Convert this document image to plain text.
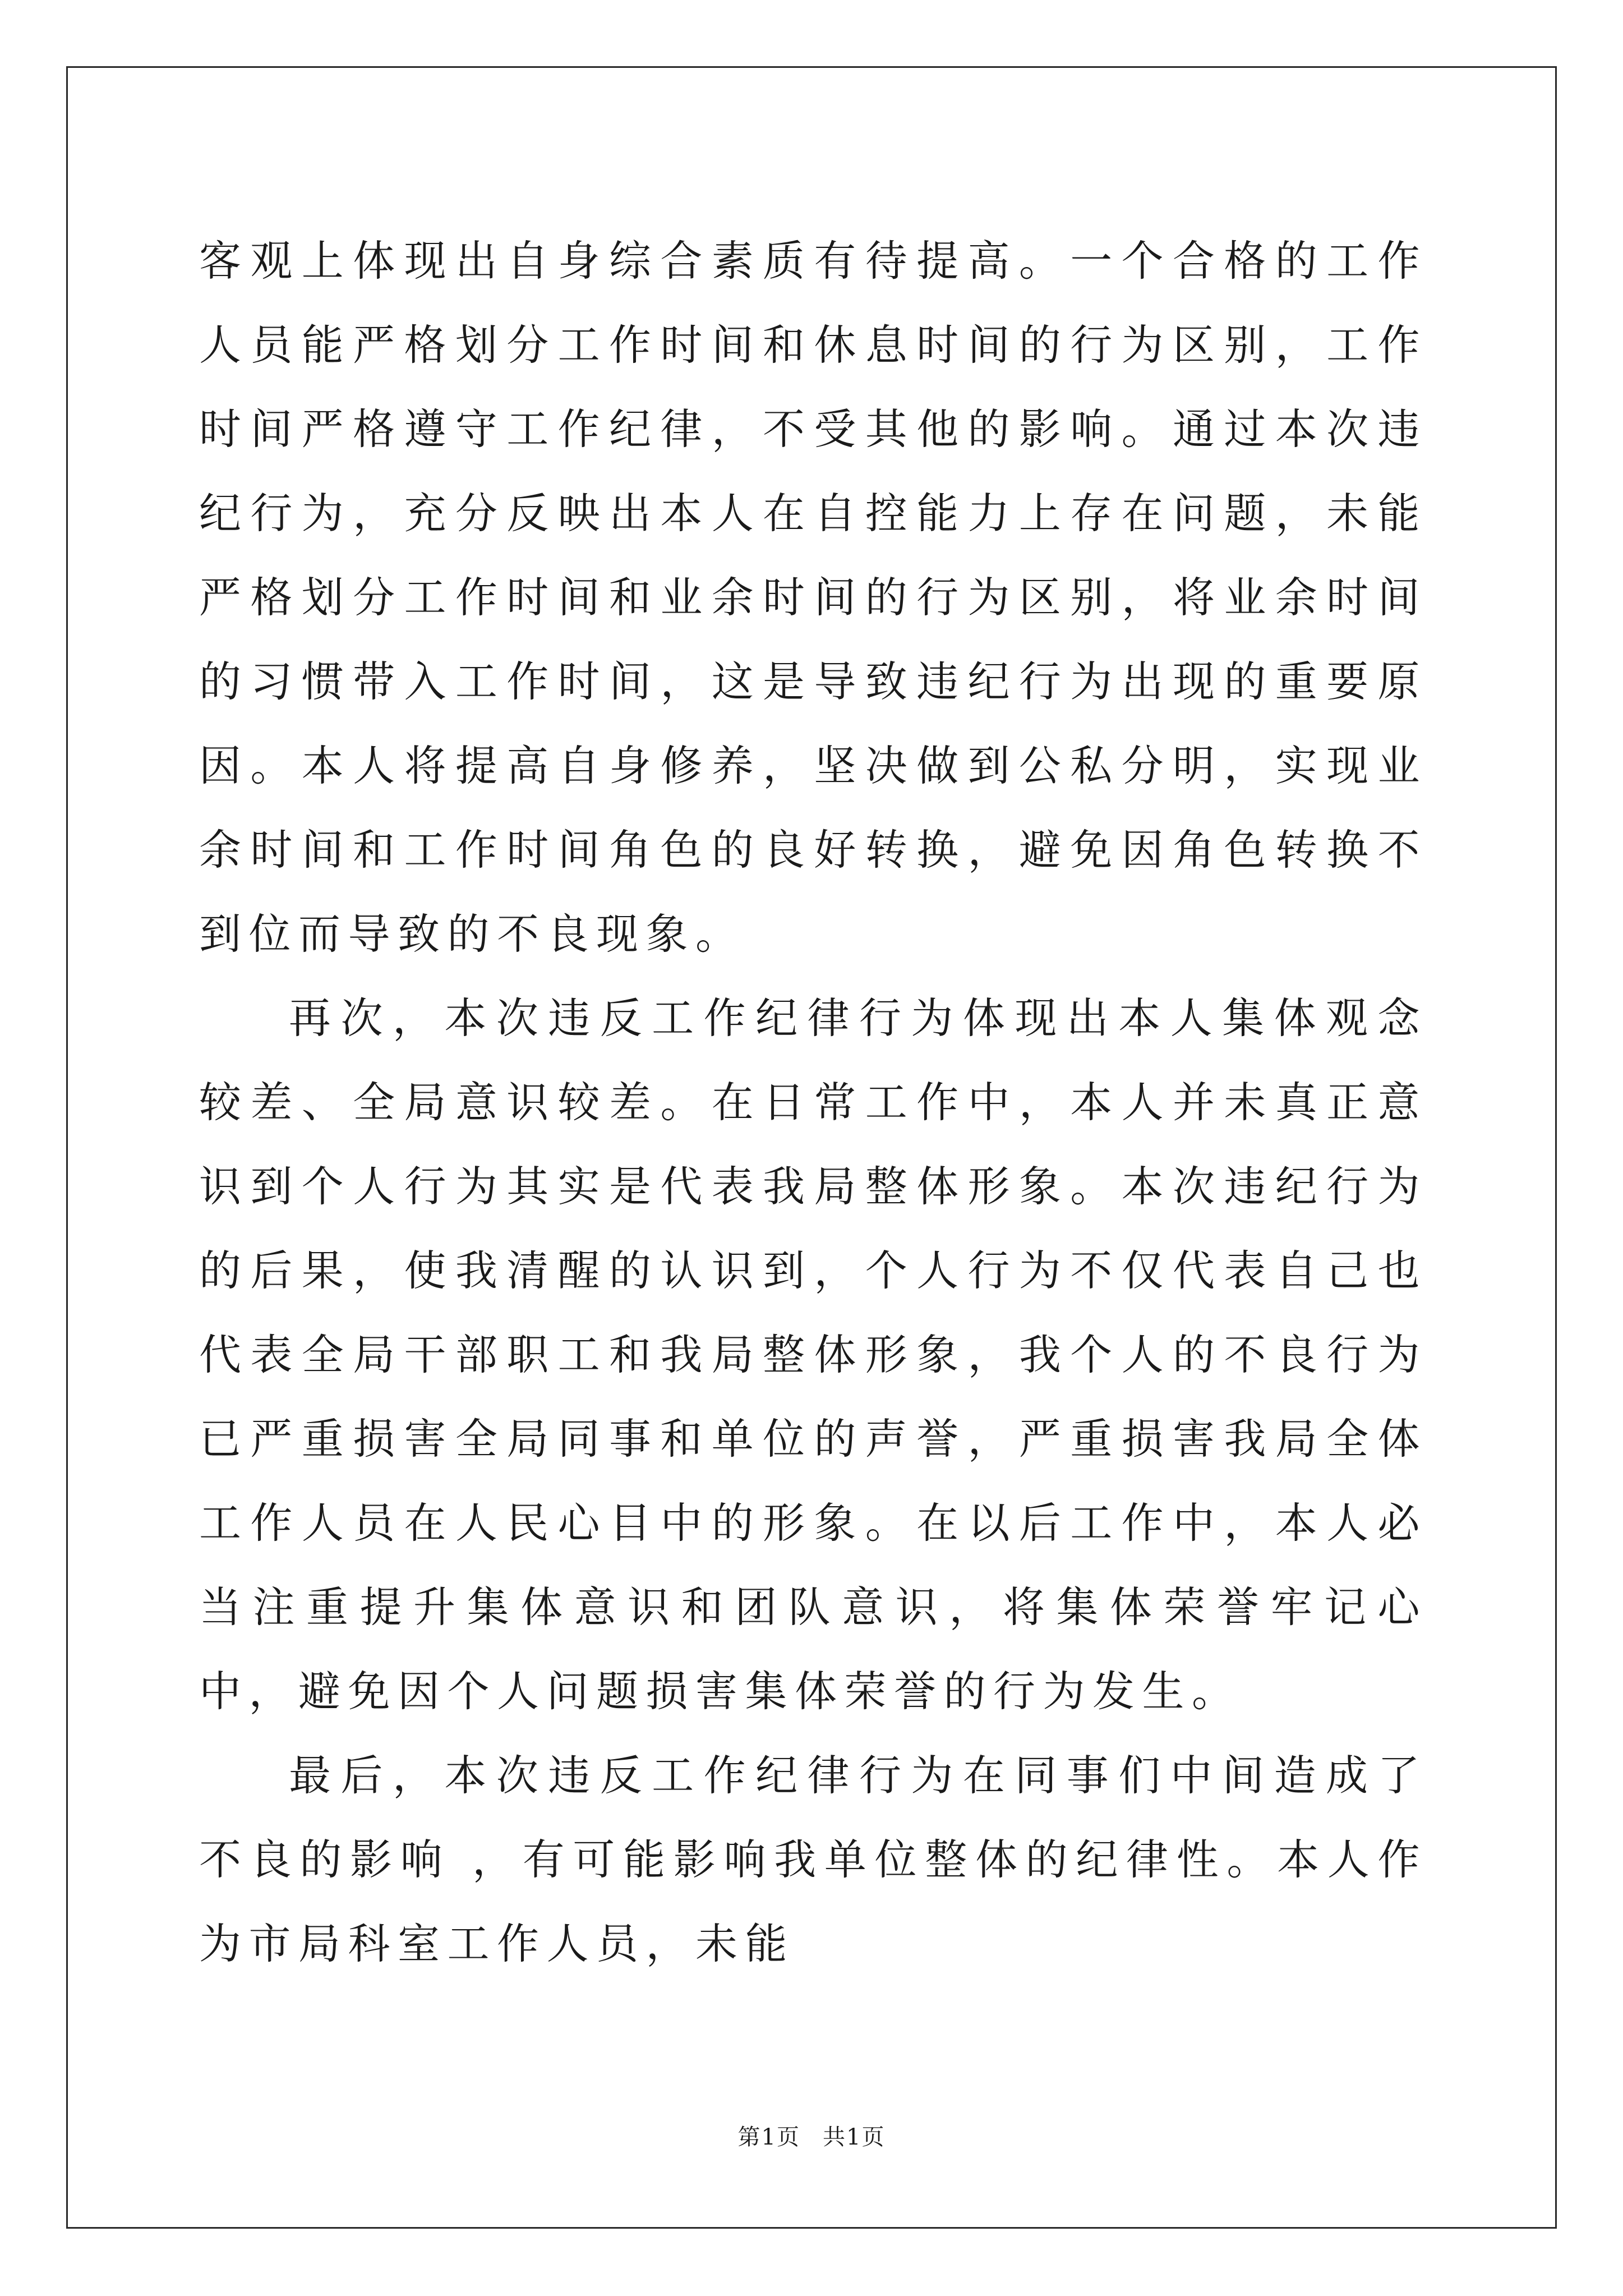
客观上体现出自身综合素质有待提高。一个合格的工作人员能严格划分工作时间和休息时间的行为区别，工作时间严格遵守工作纪律，不受其他的影响。通过本次违纪行为，充分反映出本人在自控能力上存在问题，未能严格划分工作时间和业余时间的行为区别，将业余时间的习惯带入工作时间，这是导致违纪行为出现的重要原因。本人将提高自身修养，坚决做到公私分明，实现业余时间和工作时间角色的良好转换，避免因角色转换不到位而导致的不良现象。

再次，本次违反工作纪律行为体现出本人集体观念较差、全局意识较差。在日常工作中，本人并未真正意识到个人行为其实是代表我局整体形象。本次违纪行为的后果，使我清醒的认识到，个人行为不仅代表自己也代表全局干部职工和我局整体形象，我个人的不良行为已严重损害全局同事和单位的声誉，严重损害我局全体工作人员在人民心目中的形象。在以后工作中，本人必当注重提升集体意识和团队意识，将集体荣誉牢记心中，避免因个人问题损害集体荣誉的行为发生。

最后，本次违反工作纪律行为在同事们中间造成了不良的影响 ，有可能影响我单位整体的纪律性。本人作为市局科室工作人员，未能

第1页 共1页
